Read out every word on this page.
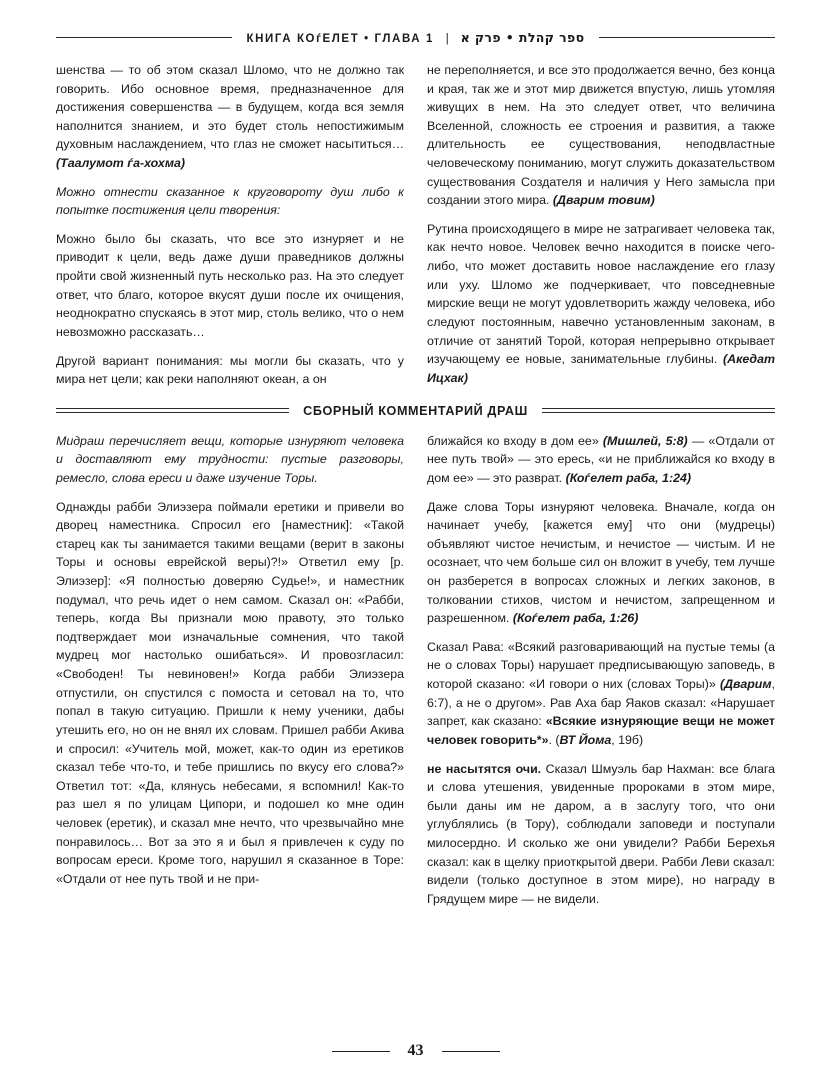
КНИГА КОѓЕЛЕТ • ГЛАВА 1 | ספר קהלת • פרק א

шенства — то об этом сказал Шломо, что не должно так говорить. Ибо основное время, предназначенное для достижения совершенства — в будущем, когда вся земля наполнится знанием, и это будет столь непостижимым духовным наслаждением, что глаз не сможет насытиться… (Таалумот ѓа-хохма)

Можно отнести сказанное к круговороту душ либо к попытке постижения цели творения:

Можно было бы сказать, что все это изнуряет и не приводит к цели, ведь даже души праведников должны пройти свой жизненный путь несколько раз. На это следует ответ, что благо, которое вкусят души после их очищения, неоднократно спускаясь в этот мир, столь велико, что о нем невозможно рассказать…

Другой вариант понимания: мы могли бы сказать, что у мира нет цели; как реки наполняют океан, а он

не переполняется, и все это продолжается вечно, без конца и края, так же и этот мир движется впустую, лишь утомляя живущих в нем. На это следует ответ, что величина Вселенной, сложность ее строения и развития, а также длительность ее существования, неподвластные человеческому пониманию, могут служить доказательством существования Создателя и наличия у Него замысла при создании этого мира. (Дварим товим)

Рутина происходящего в мире не затрагивает человека так, как нечто новое. Человек вечно находится в поиске чего-либо, что может доставить новое наслаждение его глазу или уху. Шломо же подчеркивает, что повседневные мирские вещи не могут удовлетворить жажду человека, ибо следуют постоянным, навечно установленным законам, в отличие от занятий Торой, которая непрерывно открывает изучающему ее новые, занимательные глубины. (Акедат Ицхак)

СБОРНЫЙ КОММЕНТАРИЙ ДРАШ

Мидраш перечисляет вещи, которые изнуряют человека и доставляют ему трудности: пустые разговоры, ремесло, слова ереси и даже изучение Торы.

Однажды рабби Элиэзера поймали еретики и привели во дворец наместника. Спросил его [наместник]: «Такой старец как ты занимается такими вещами (верит в законы Торы и основы еврейской веры)?!» Ответил ему [р. Элиэзер]: «Я полностью доверяю Судье!», и наместник подумал, что речь идет о нем самом. Сказал он: «Рабби, теперь, когда Вы признали мою правоту, это только подтверждает мои изначальные сомнения, что такой мудрец мог настолько ошибаться». И провозгласил: «Свободен! Ты невиновен!» Когда рабби Элиэзера отпустили, он спустился с помоста и сетовал на то, что попал в такую ситуацию. Пришли к нему ученики, дабы утешить его, но он не внял их словам. Пришел рабби Акива и спросил: «Учитель мой, может, как-то один из еретиков сказал тебе что-то, и тебе пришлись по вкусу его слова?» Ответил тот: «Да, клянусь небесами, я вспомнил! Как-то раз шел я по улицам Ципори, и подошел ко мне один человек (еретик), и сказал мне нечто, что чрезвычайно мне понравилось… Вот за это я и был я привлечен к суду по вопросам ереси. Кроме того, нарушил я сказанное в Торе: «Отдали от нее путь твой и не при-

ближайся ко входу в дом ее» (Мишлей, 5:8) — «Отдали от нее путь твой» — это ересь, «и не приближайся ко входу в дом ее» — это разврат. (Коѓелет раба, 1:24)

Даже слова Торы изнуряют человека. Вначале, когда он начинает учебу, [кажется ему] что они (мудрецы) объявляют чистое нечистым, и нечистое — чистым. И не осознает, что чем больше сил он вложит в учебу, тем лучше он разберется в вопросах сложных и легких законов, в толковании стихов, чистом и нечистом, запрещенном и разрешенном. (Коѓелет раба, 1:26)

Сказал Рава: «Всякий разговаривающий на пустые темы (а не о словах Торы) нарушает предписывающую заповедь, в которой сказано: «И говори о них (словах Торы)» (Дварим, 6:7), а не о другом». Рав Аха бар Яаков сказал: «Нарушает запрет, как сказано: «Всякие изнуряющие вещи не может человек говорить*». (ВТ Йома, 19б)

не насытятся очи. Сказал Шмуэль бар Нахман: все блага и слова утешения, увиденные пророками в этом мире, были даны им не даром, а в заслугу того, что они углублялись (в Тору), соблюдали заповеди и поступали милосердно. И сколько же они увидели? Рабби Берехья сказал: как в щелку приоткрытой двери. Рабби Леви сказал: видели (только доступное в этом мире), но награду в Грядущем мире — не видели.

43
